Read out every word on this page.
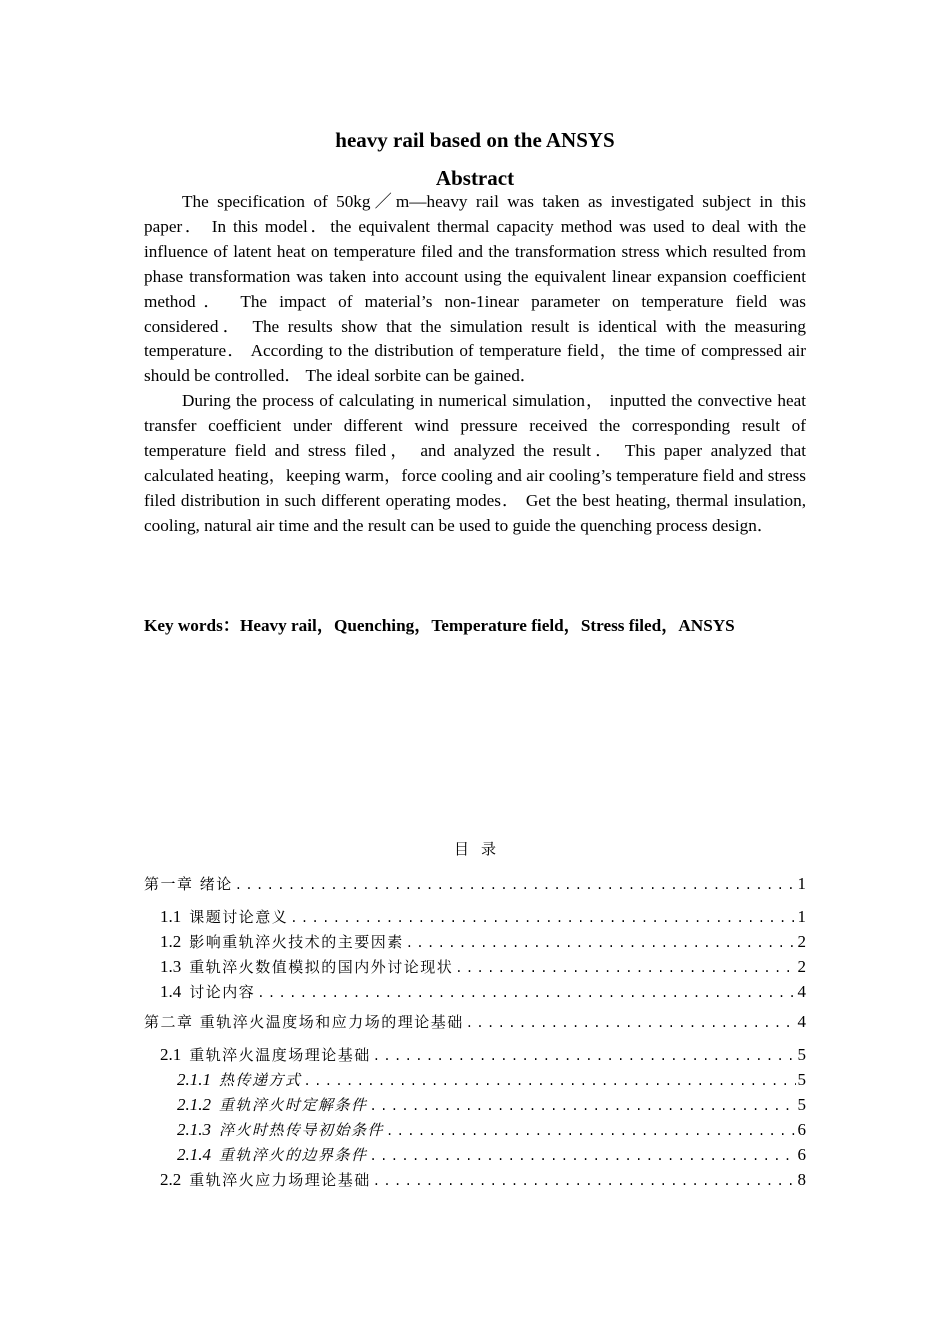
heavy rail based on the ANSYS
Abstract

The specification of 50kg／m—heavy rail was taken as investigated subject in this paper． In this model．the equivalent thermal capacity method was used to deal with the influence of latent heat on temperature filed and the transformation stress which resulted from phase transformation was taken into account using the equivalent linear expansion coefficient method． The impact of material’s non-1inear parameter on temperature field was considered． The results show that the simulation result is identical with the measuring temperature． According to the distribution of temperature field，the time of compressed air should be controlled． The ideal sorbite can be gained．

During the process of calculating in numerical simulation， inputted the convective heat transfer coefficient under different wind pressure received the corresponding result of temperature field and stress filed， and analyzed the result． This paper analyzed that calculated heating，keeping warm，force cooling and air cooling’s temperature field and stress filed distribution in such different operating modes． Get the best heating, thermal insulation, cooling, natural air time and the result can be used to guide the quenching process design．

Key words：Heavy rail，Quenching，Temperature field，Stress filed，ANSYS
目录
第一章 绪论 .....	1
1.1 课题讨论意义 .....	1
1.2 影响重轨淬火技术的主要因素 .....	2
1.3 重轨淬火数值模拟的国内外讨论现状 .....	2
1.4 讨论内容 .....	4
第二章 重轨淬火温度场和应力场的理论基础 .....	4
2.1 重轨淬火温度场理论基础 .....	5
2.1.1 热传递方式 .....	5
2.1.2 重轨淬火时定解条件 .....	5
2.1.3 淬火时热传导初始条件 .....	6
2.1.4 重轨淬火的边界条件 .....	6
2.2 重轨淬火应力场理论基础 .....	8
